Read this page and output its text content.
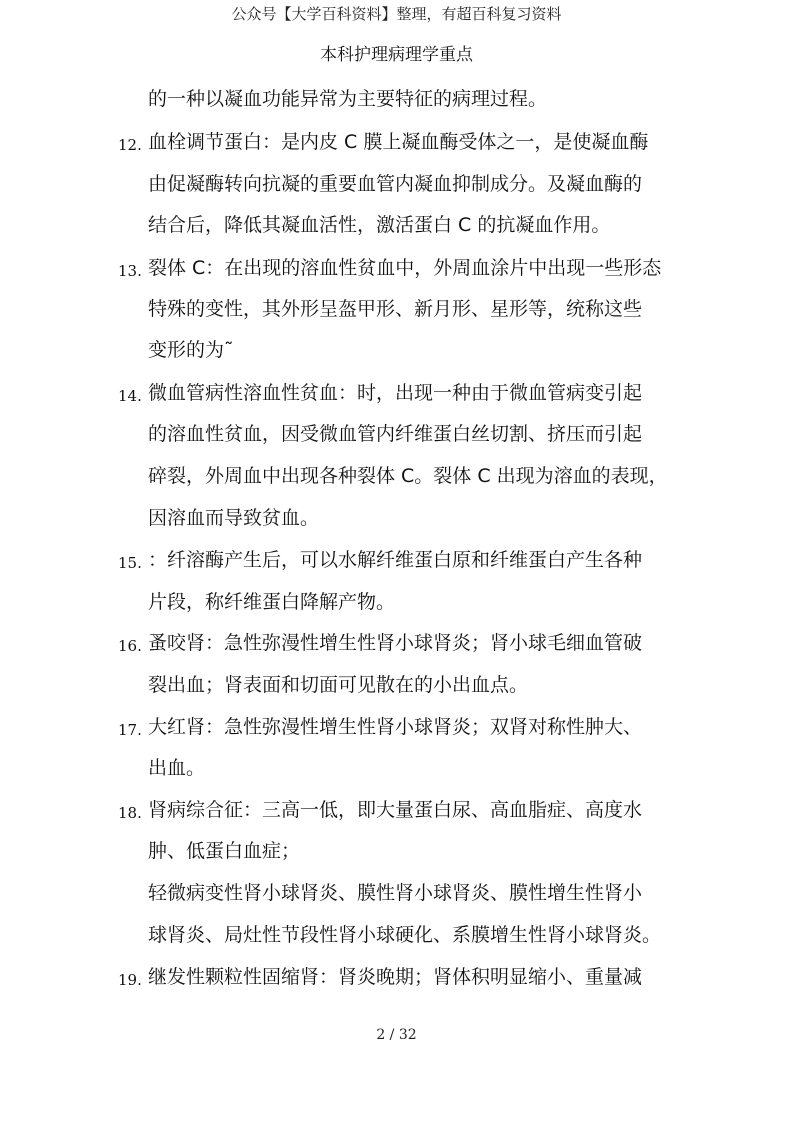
公众号【大学百科资料】整理，有超百科复习资料
本科护理病理学重点
的一种以凝血功能异常为主要特征的病理过程。
12. 血栓调节蛋白：是内皮 C 膜上凝血酶受体之一，是使凝血酶
由促凝酶转向抗凝的重要血管内凝血抑制成分。及凝血酶的
结合后，降低其凝血活性，激活蛋白 C 的抗凝血作用。
13. 裂体 C：在出现的溶血性贫血中，外周血涂片中出现一些形态
特殊的变性，其外形呈盔甲形、新月形、星形等，统称这些
变形的为˜
14. 微血管病性溶血性贫血：时，出现一种由于微血管病变引起
的溶血性贫血，因受微血管内纤维蛋白丝切割、挤压而引起
碎裂，外周血中出现各种裂体 C。裂体 C 出现为溶血的表现，
因溶血而导致贫血。
15. ：纤溶酶产生后，可以水解纤维蛋白原和纤维蛋白产生各种
片段，称纤维蛋白降解产物。
16. 蚤咬肾：急性弥漫性增生性肾小球肾炎；肾小球毛细血管破
裂出血；肾表面和切面可见散在的小出血点。
17. 大红肾：急性弥漫性增生性肾小球肾炎；双肾对称性肿大、
出血。
18. 肾病综合征：三高一低，即大量蛋白尿、高血脂症、高度水
肿、低蛋白血症；
轻微病变性肾小球肾炎、膜性肾小球肾炎、膜性增生性肾小
球肾炎、局灶性节段性肾小球硬化、系膜增生性肾小球肾炎。
19. 继发性颗粒性固缩肾：肾炎晚期；肾体积明显缩小、重量减
2 / 32
